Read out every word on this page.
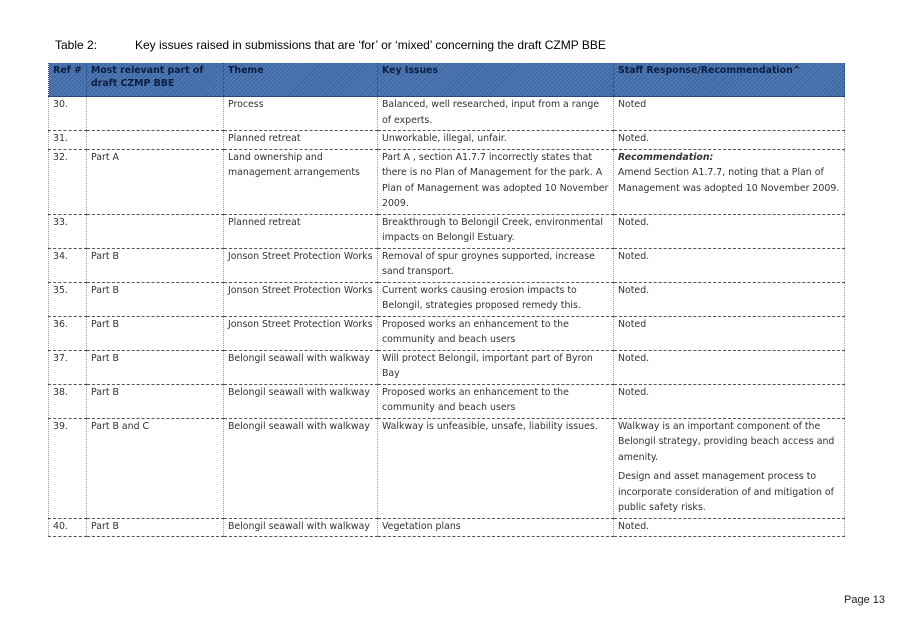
Table 2:	Key issues raised in submissions that are ‘for’ or ‘mixed’ concerning the draft CZMP BBE
Ref #	Most relevant part of draft CZMP BBE	Theme	Key Issues	Staff Response/Recommendation^
30.		Process	Balanced, well researched, input from a range of experts.	Noted

31.		Planned retreat	Unworkable, illegal, unfair.	Noted.

32.	Part A	Land ownership and management arrangements	Part A , section A1.7.7 incorrectly states that there is no Plan of Management for the park. A Plan of Management was adopted 10 November 2009.	Recommendation:
Amend Section A1.7.7, noting that a Plan of Management was adopted 10 November 2009.

33.		Planned retreat	Breakthrough to Belongil Creek, environmental impacts on Belongil Estuary.	Noted.

34.	Part B	Jonson Street Protection Works	Removal of spur groynes supported, increase sand transport.	Noted.

35.	Part B	Jonson Street Protection Works	Current works causing erosion impacts to Belongil, strategies proposed remedy this.	Noted.

36.	Part B	Jonson Street Protection Works	Proposed works an enhancement to the community and beach users	Noted

37.	Part B	Belongil seawall with walkway	Will protect Belongil, important part of Byron Bay	Noted.

38.	Part B	Belongil seawall with walkway	Proposed works an enhancement to the community and beach users	Noted.

39.	Part B and C	Belongil seawall with walkway	Walkway is unfeasible, unsafe, liability issues.	Walkway is an important component of the Belongil strategy, providing beach access and amenity.
Design and asset management process to incorporate consideration of and mitigation of public safety risks.

40.	Part B	Belongil seawall with walkway	Vegetation plans	Noted.
Page 13
